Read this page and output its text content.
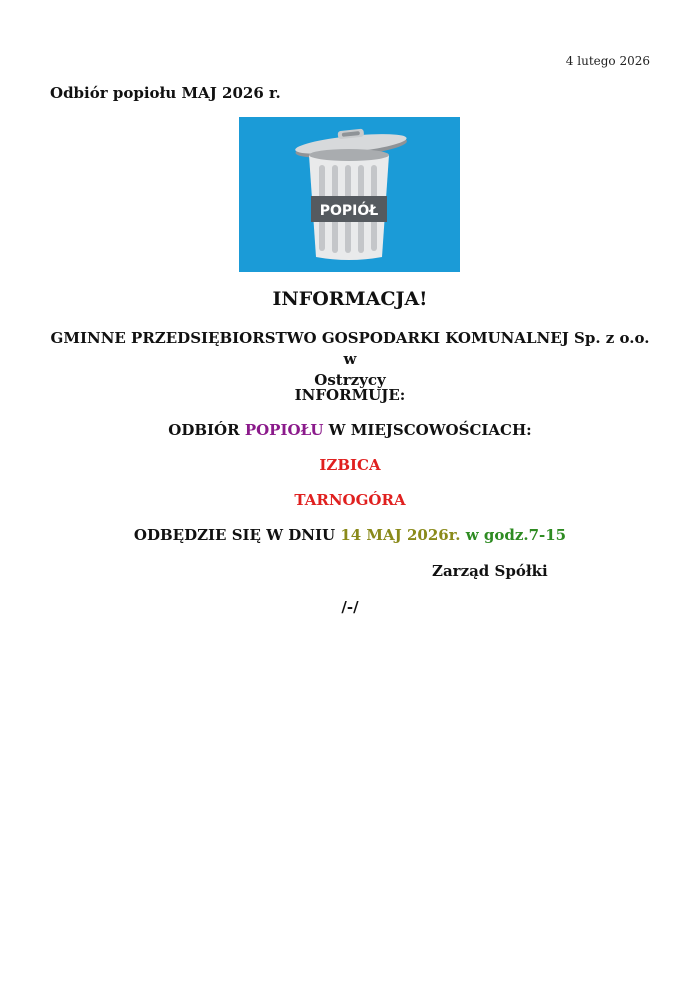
4 lutego 2026
Odbiór popiołu MAJ 2026 r.
POPIÓŁ
INFORMACJA!
GMINNE PRZEDSIĘBIORSTWO GOSPODARKI KOMUNALNEJ Sp. z o.o. w
Ostrzycy
INFORMUJE:
ODBIÓR POPIOŁU W MIEJSCOWOŚCIACH:
IZBICA
TARNOGÓRA
ODBĘDZIE SIĘ W DNIU 14 MAJ 2026r. w godz.7-15
Zarząd Spółki
/-/
